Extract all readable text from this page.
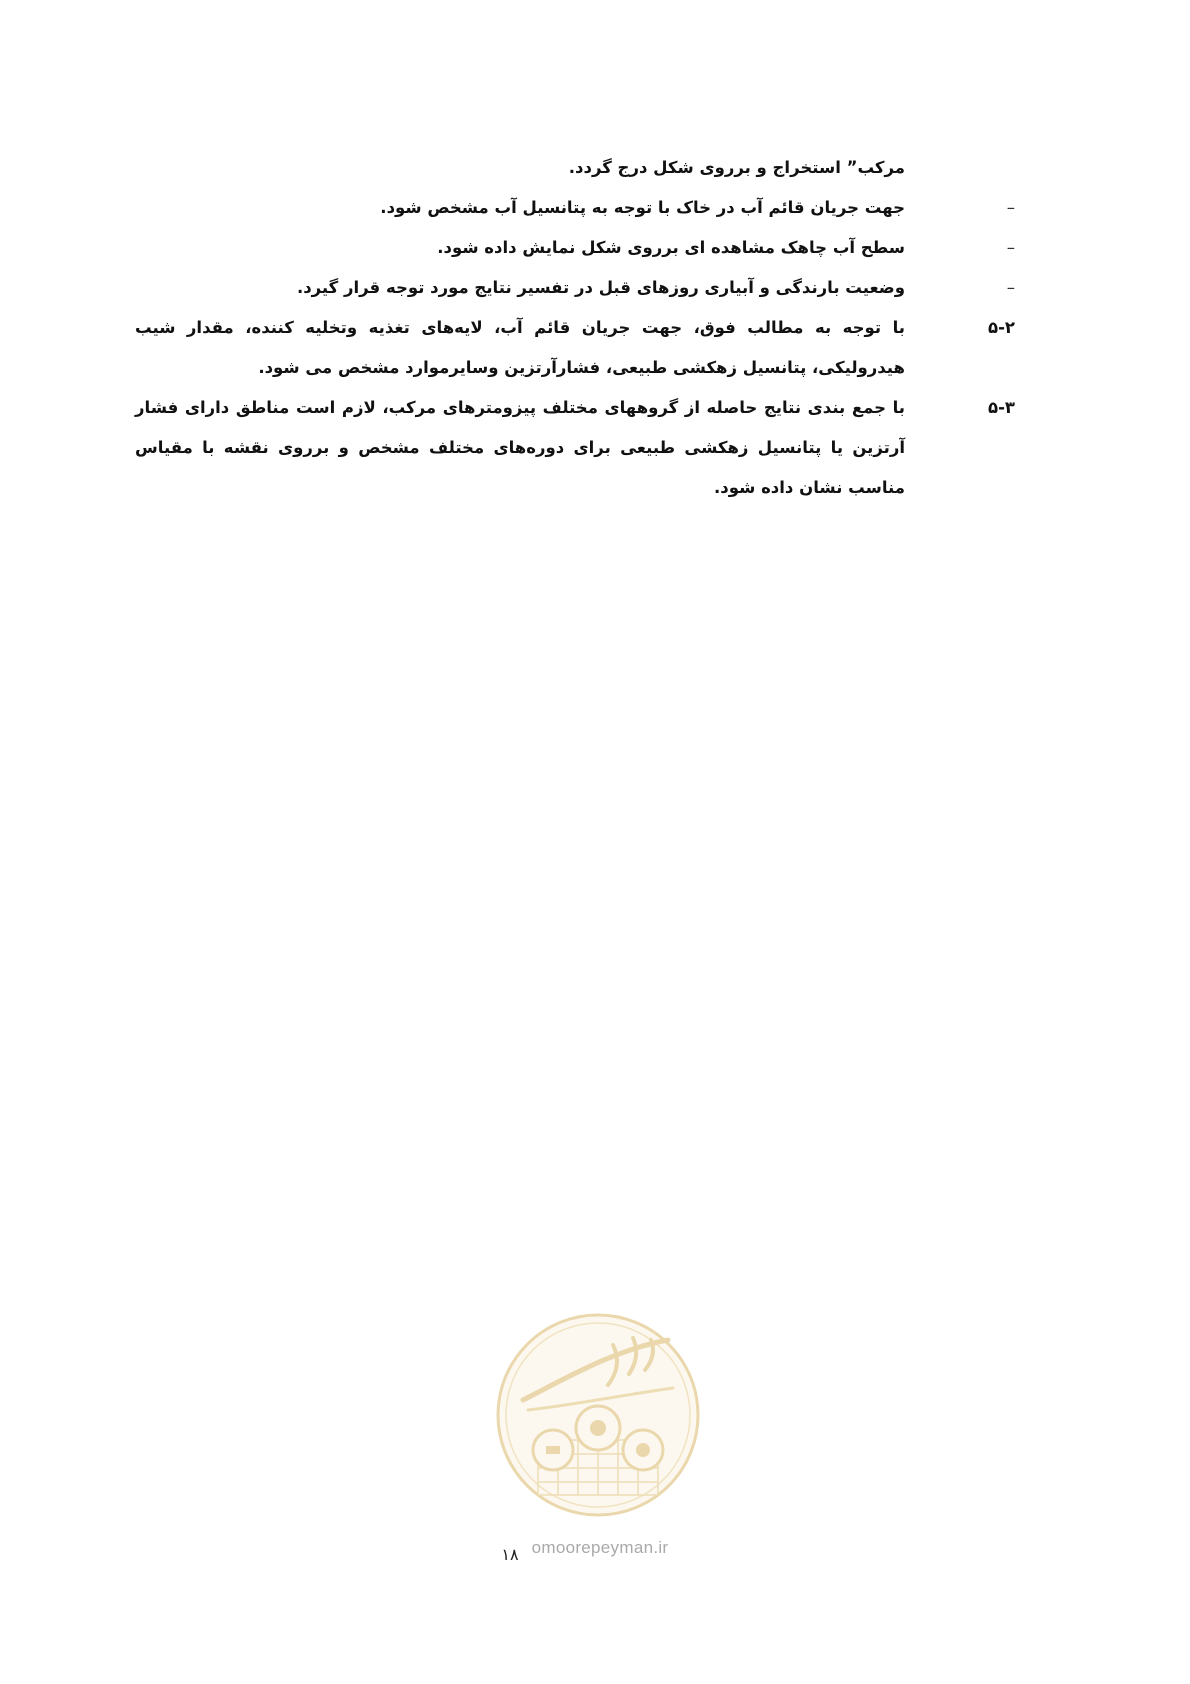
مرکب” استخراج و برروی شکل درج گردد.
–
جهت جریان قائم آب در خاک با توجه به پتانسیل آب مشخص شود.
–
سطح آب چاهک مشاهده ای برروی شکل نمایش داده شود.
–
وضعیت بارندگی و آبیاری روزهای قبل در تفسیر نتایج مورد توجه قرار گیرد.
۵-۲
با توجه به مطالب فوق، جهت جریان قائم آب، لایه‌های تغذیه وتخلیه کننده، مقدار شیب هیدرولیکی، پتانسیل زهکشی طبیعی، فشارآرتزین وسایرموارد مشخص می شود.
۵-۳
با جمع بندی نتایج حاصله از گروههای مختلف پیزومترهای مرکب، لازم است مناطق دارای فشار آرتزین یا پتانسیل زهکشی طبیعی برای دوره‌های مختلف مشخص و برروی نقشه با مقیاس مناسب نشان داده شود.
omoorepeyman.ir
۱۸
